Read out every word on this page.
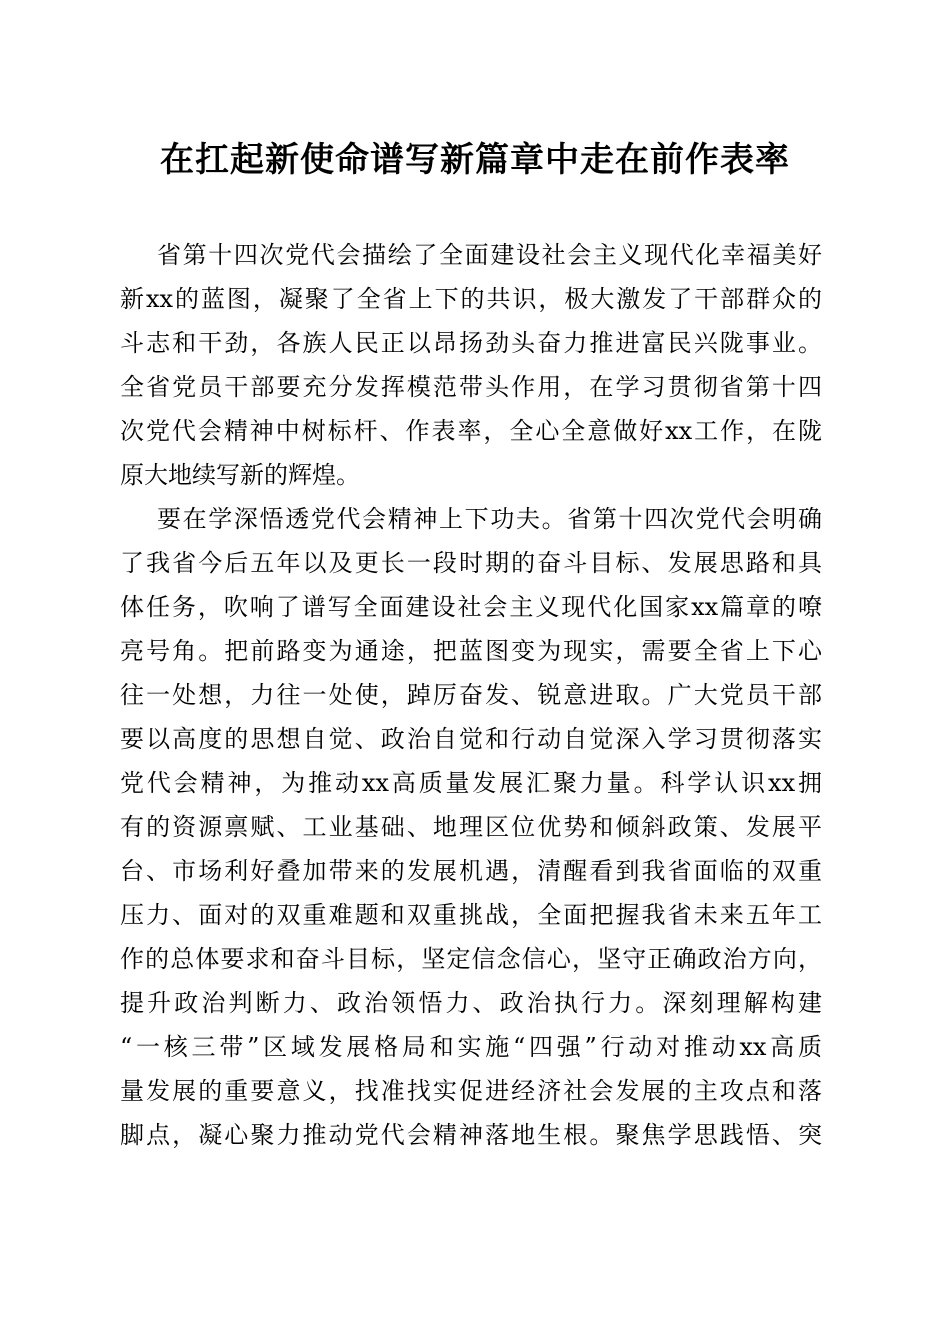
在扛起新使命谱写新篇章中走在前作表率
省第十四次党代会描绘了全面建设社会主义现代化幸福美好
新xx的蓝图，凝聚了全省上下的共识，极大激发了干部群众的
斗志和干劲，各族人民正以昂扬劲头奋力推进富民兴陇事业。
全省党员干部要充分发挥模范带头作用，在学习贯彻省第十四
次党代会精神中树标杆、作表率，全心全意做好xx工作，在陇
原大地续写新的辉煌。
要在学深悟透党代会精神上下功夫。省第十四次党代会明确
了我省今后五年以及更长一段时期的奋斗目标、发展思路和具
体任务，吹响了谱写全面建设社会主义现代化国家xx篇章的嘹
亮号角。把前路变为通途，把蓝图变为现实，需要全省上下心
往一处想，力往一处使，踔厉奋发、锐意进取。广大党员干部
要以高度的思想自觉、政治自觉和行动自觉深入学习贯彻落实
党代会精神，为推动xx高质量发展汇聚力量。科学认识xx拥
有的资源禀赋、工业基础、地理区位优势和倾斜政策、发展平
台、市场利好叠加带来的发展机遇，清醒看到我省面临的双重
压力、面对的双重难题和双重挑战，全面把握我省未来五年工
作的总体要求和奋斗目标，坚定信念信心，坚守正确政治方向，
提升政治判断力、政治领悟力、政治执行力。深刻理解构建
“一核三带”区域发展格局和实施“四强”行动对推动xx高质
量发展的重要意义，找准找实促进经济社会发展的主攻点和落
脚点，凝心聚力推动党代会精神落地生根。聚焦学思践悟、突
